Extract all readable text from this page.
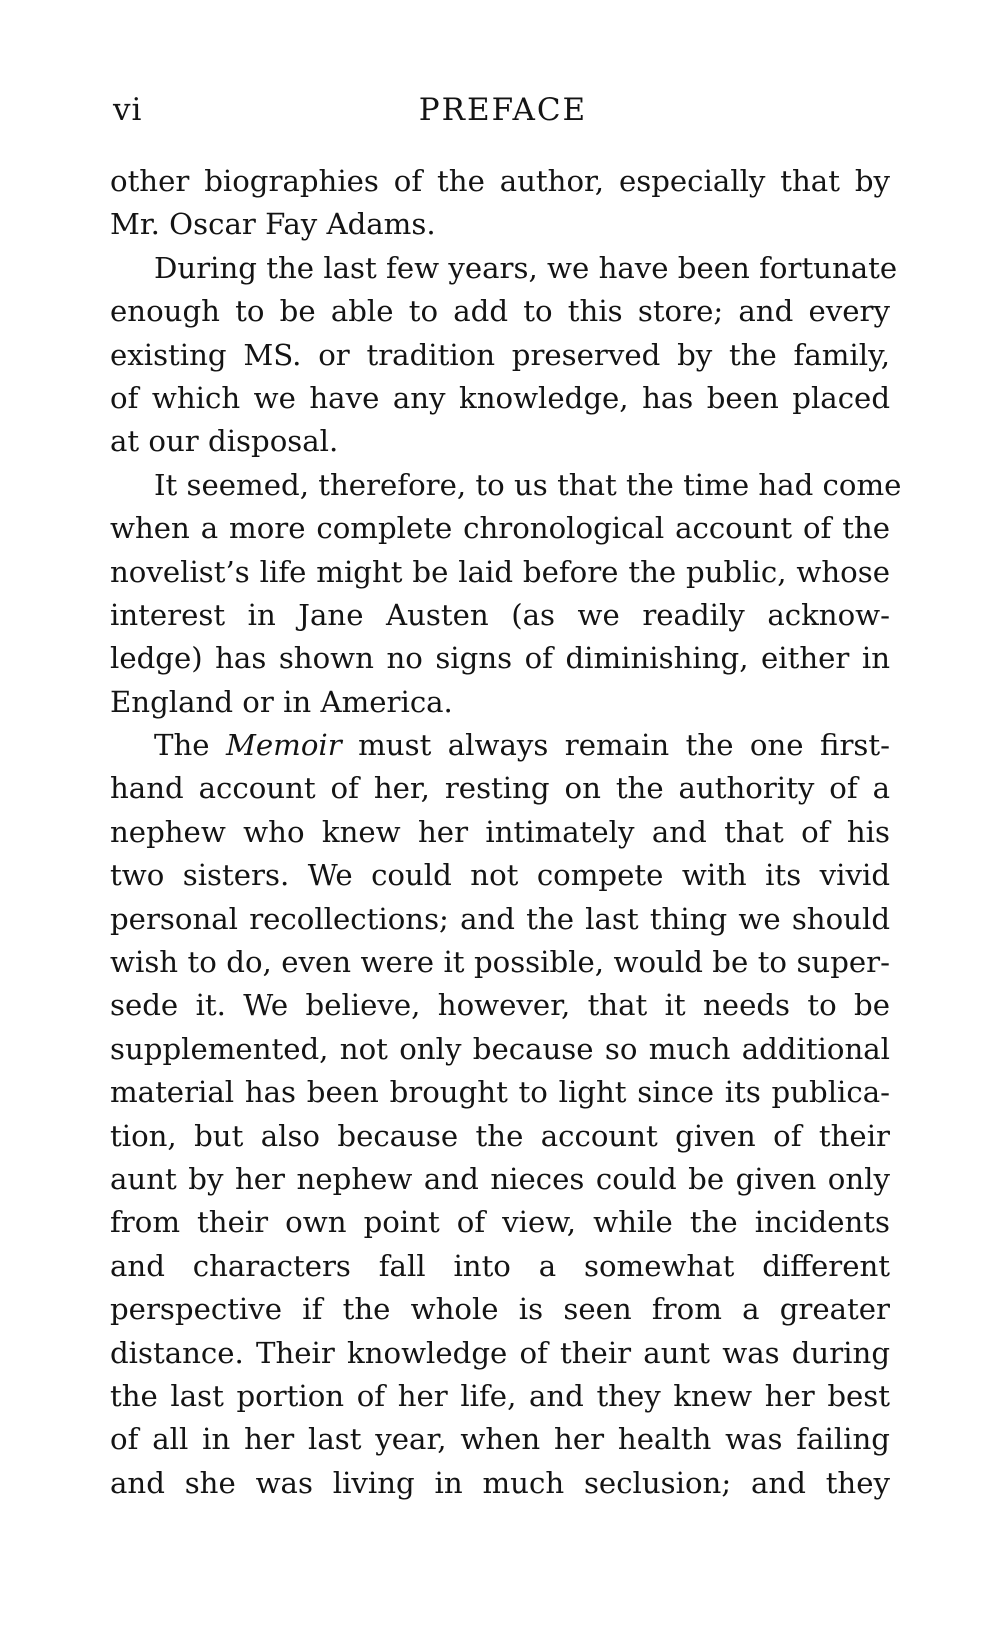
vi	PREFACE
other biographies of the author, especially that by
Mr. Oscar Fay Adams.
During the last few years, we have been fortunate
enough to be able to add to this store; and every
existing MS. or tradition preserved by the family,
of which we have any knowledge, has been placed
at our disposal.
It seemed, therefore, to us that the time had come
when a more complete chronological account of the
novelist’s life might be laid before the public, whose
interest in Jane Austen (as we readily acknow-
ledge) has shown no signs of diminishing, either in
England or in America.
The Memoir must always remain the one first-
hand account of her, resting on the authority of a
nephew who knew her intimately and that of his
two sisters. We could not compete with its vivid
personal recollections; and the last thing we should
wish to do, even were it possible, would be to super-
sede it. We believe, however, that it needs to be
supplemented, not only because so much additional
material has been brought to light since its publica-
tion, but also because the account given of their
aunt by her nephew and nieces could be given only
from their own point of view, while the incidents
and characters fall into a somewhat different
perspective if the whole is seen from a greater
distance. Their knowledge of their aunt was during
the last portion of her life, and they knew her best
of all in her last year, when her health was failing
and she was living in much seclusion; and they
